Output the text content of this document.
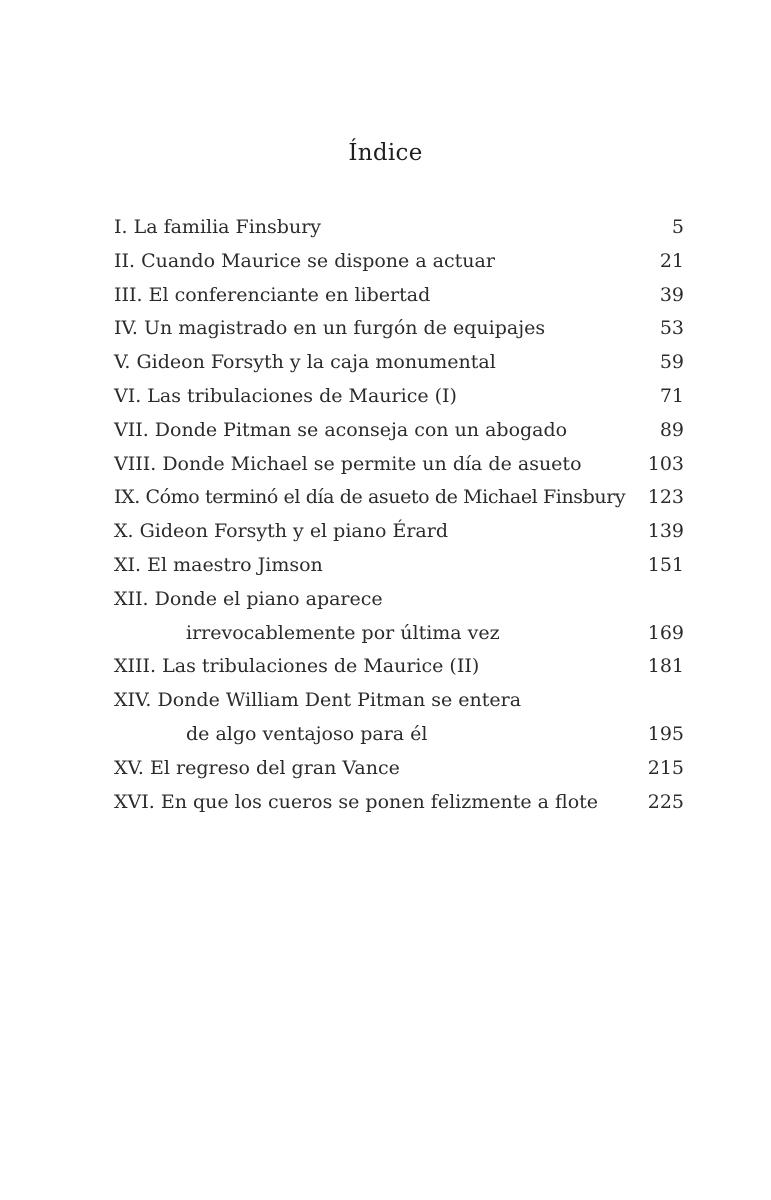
Índice
I. La familia Finsbury	5
II. Cuando Maurice se dispone a actuar	21
III. El conferenciante en libertad	39
IV. Un magistrado en un furgón de equipajes	53
V. Gideon Forsyth y la caja monumental	59
VI. Las tribulaciones de Maurice (I)	71
VII. Donde Pitman se aconseja con un abogado	89
VIII. Donde Michael se permite un día de asueto	103
IX. Cómo terminó el día de asueto de Michael Finsbury 123
X. Gideon Forsyth y el piano Érard	139
XI. El maestro Jimson	151
XII. Donde el piano aparece
irrevocablemente por última vez	169
XIII. Las tribulaciones de Maurice (II)	181
XIV. Donde William Dent Pitman se entera
de algo ventajoso para él	195
XV. El regreso del gran Vance	215
XVI. En que los cueros se ponen felizmente a flote	225
